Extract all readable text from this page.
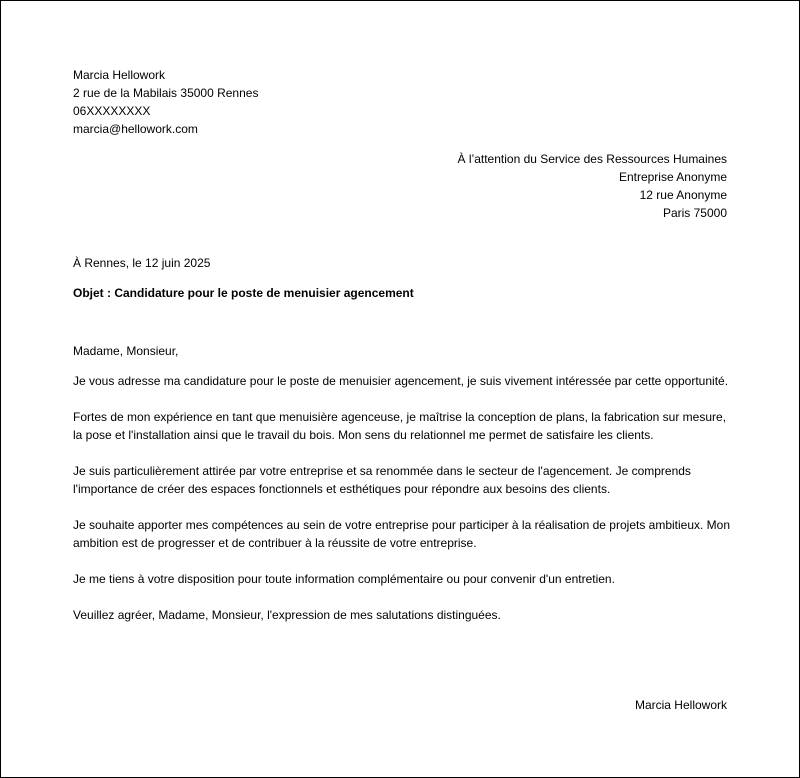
Marcia Hellowork
2 rue de la Mabilais 35000 Rennes
06XXXXXXXX
marcia@hellowork.com
À l’attention du Service des Ressources Humaines
Entreprise Anonyme
12 rue Anonyme
Paris 75000
À Rennes, le 12 juin 2025
Objet : Candidature pour le poste de menuisier agencement

Madame, Monsieur,

Je vous adresse ma candidature pour le poste de menuisier agencement, je suis vivement intéressée par cette opportunité.

Fortes de mon expérience en tant que menuisière agenceuse, je maîtrise la conception de plans, la fabrication sur mesure, la pose et l'installation ainsi que le travail du bois. Mon sens du relationnel me permet de satisfaire les clients.

Je suis particulièrement attirée par votre entreprise et sa renommée dans le secteur de l'agencement. Je comprends l'importance de créer des espaces fonctionnels et esthétiques pour répondre aux besoins des clients.

Je souhaite apporter mes compétences au sein de votre entreprise pour participer à la réalisation de projets ambitieux. Mon ambition est de progresser et de contribuer à la réussite de votre entreprise.

Je me tiens à votre disposition pour toute information complémentaire ou pour convenir d'un entretien.

Veuillez agréer, Madame, Monsieur, l'expression de mes salutations distinguées.

Marcia Hellowork
